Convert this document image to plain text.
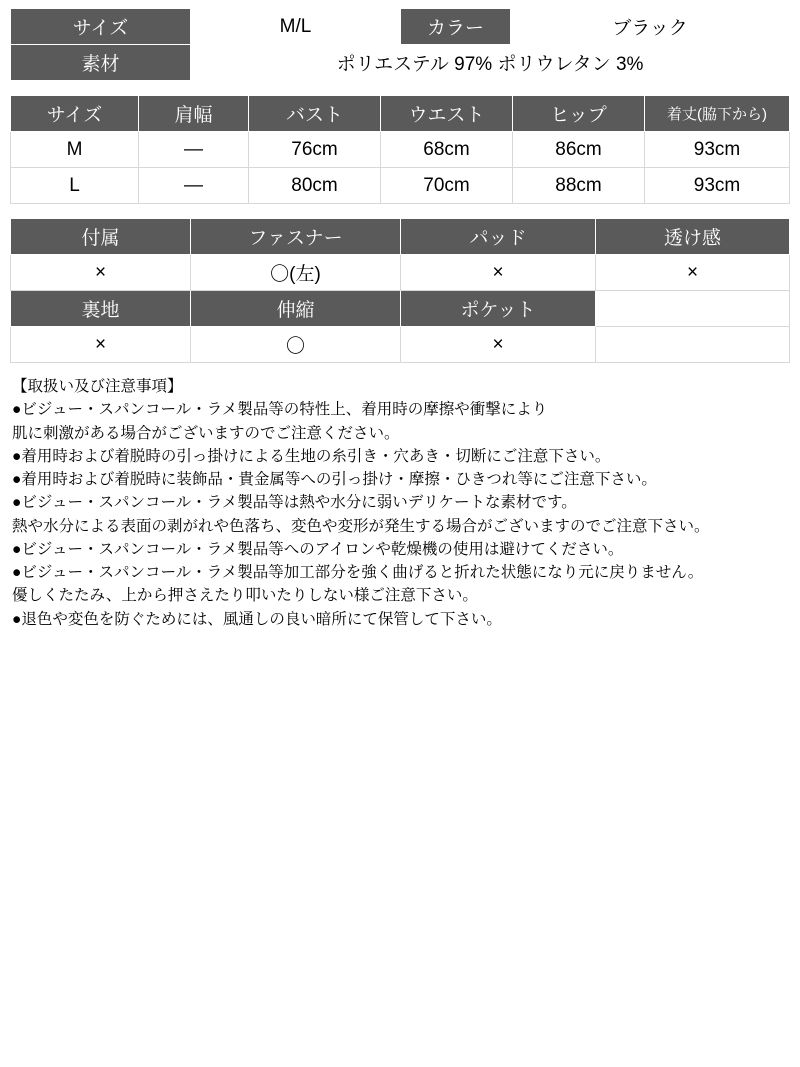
サイズ	M/L	カラー	ブラック
素材	ポリエステル 97% ポリウレタン 3%		
サイズ	肩幅	バスト	ウエスト	ヒップ	着丈(脇下から)
M	—	76cm	68cm	86cm	93cm
L	—	80cm	70cm	88cm	93cm
付属	ファスナー	パッド	透け感
×	〇(左)	×	×
裏地	伸縮	ポケット	
×	〇	×	
【取扱い及び注意事項】
●ビジュー・スパンコール・ラメ製品等の特性上、着用時の摩擦や衝撃により
肌に刺激がある場合がございますのでご注意ください。
●着用時および着脱時の引っ掛けによる生地の糸引き・穴あき・切断にご注意下さい。
●着用時および着脱時に装飾品・貴金属等への引っ掛け・摩擦・ひきつれ等にご注意下さい。
●ビジュー・スパンコール・ラメ製品等は熱や水分に弱いデリケートな素材です。
熱や水分による表面の剥がれや色落ち、変色や変形が発生する場合がございますのでご注意下さい。
●ビジュー・スパンコール・ラメ製品等へのアイロンや乾燥機の使用は避けてください。
●ビジュー・スパンコール・ラメ製品等加工部分を強く曲げると折れた状態になり元に戻りません。
優しくたたみ、上から押さえたり叩いたりしない様ご注意下さい。
●退色や変色を防ぐためには、風通しの良い暗所にて保管して下さい。
